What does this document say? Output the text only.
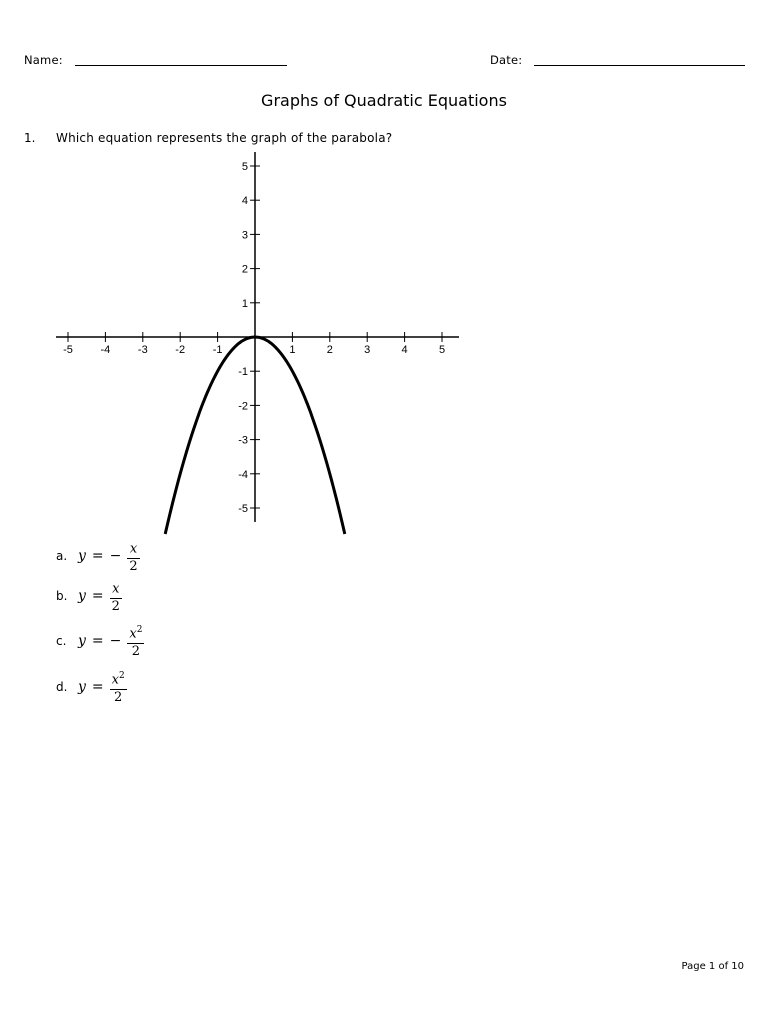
Name:	Date:
Graphs of Quadratic Equations
1. Which equation represents the graph of the parabola?
-5	-4	-3	-2	-1	1	2	3	4	5
5
4
3
2
1
-1
-2
-3
-4
-5
a. y = − $\frac{x}{2}$
b. $y = \frac{x}{2}$
c. y = − $\frac{x^2}{2}$
d. $y = \frac{x^2}{2}$
Page 1 of 10
